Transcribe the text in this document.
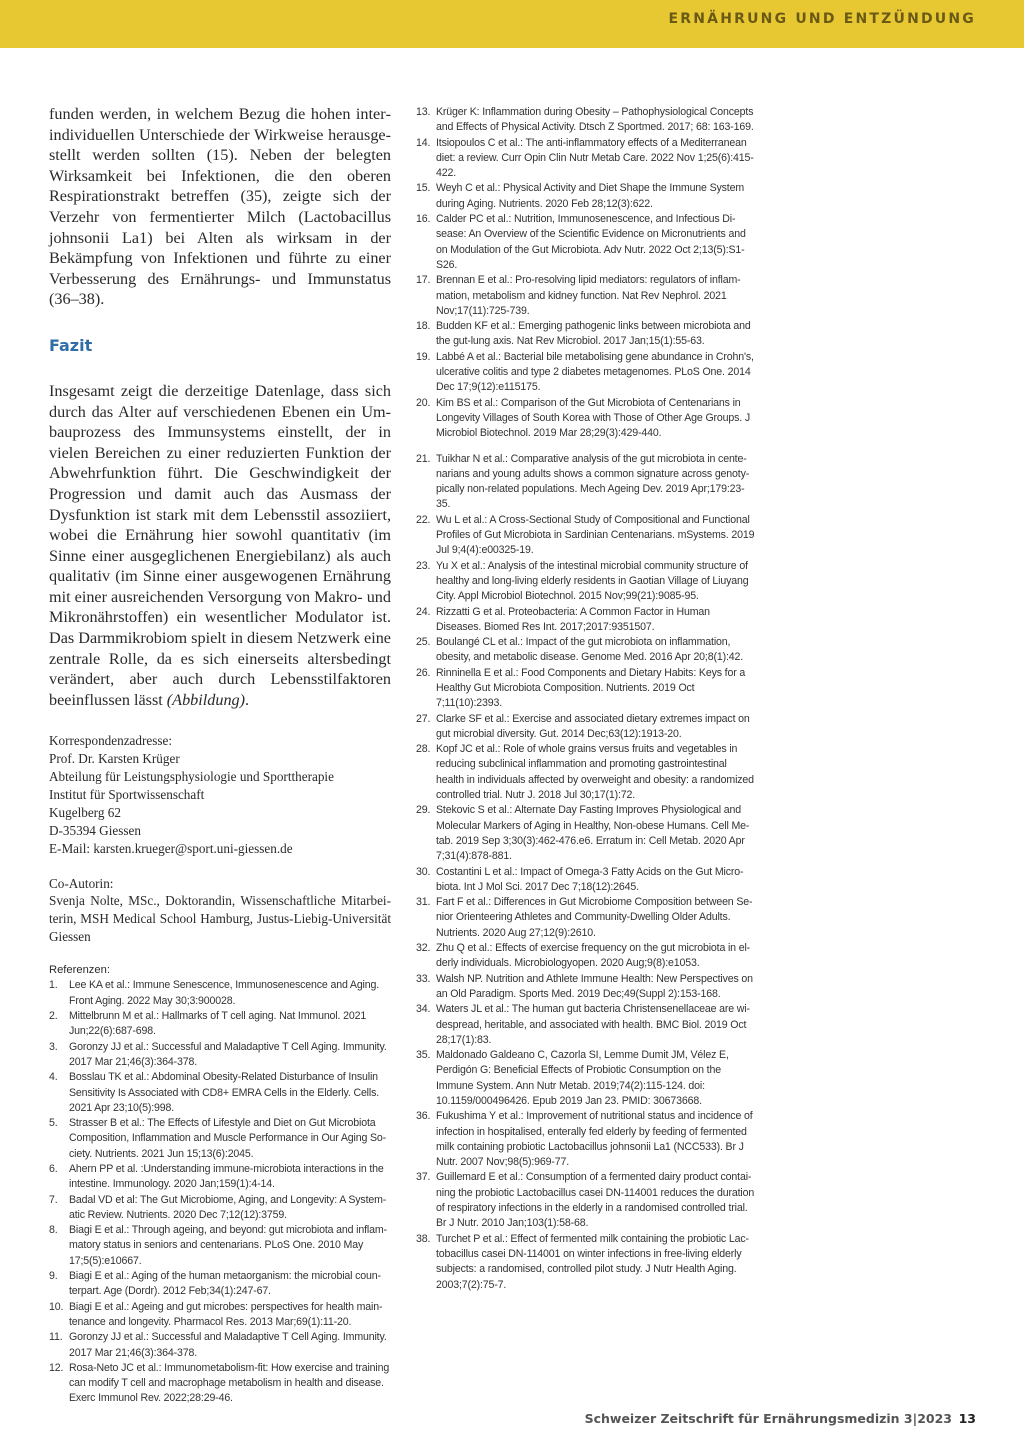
ERNÄHRUNG UND ENTZÜNDUNG

funden werden, in welchem Bezug die hohen interindividuellen Unterschiede der Wirkweise herausgestellt werden sollten (15). Neben der belegten Wirksamkeit bei Infektionen, die den oberen Respirationstrakt betreffen (35), zeigte sich der Verzehr von fermentierter Milch (Lactobacillus johnsonii La1) bei Alten als wirksam in der Bekämpfung von Infektionen und führte zu einer Verbesserung des Ernährungs- und Immunstatus (36–38).

Fazit

Insgesamt zeigt die derzeitige Datenlage, dass sich durch das Alter auf verschiedenen Ebenen ein Umbauprozess des Immunsystems einstellt, der in vielen Bereichen zu einer reduzierten Funktion der Abwehrfunktion führt. Die Geschwindigkeit der Progression und damit auch das Ausmass der Dysfunktion ist stark mit dem Lebensstil assoziiert, wobei die Ernährung hier sowohl quantitativ (im Sinne einer ausgeglichenen Energiebilanz) als auch qualitativ (im Sinne einer ausgewogenen Ernährung mit einer ausreichenden Versorgung von Makro- und Mikronährstoffen) ein wesentlicher Modulator ist. Das Darmmikrobiom spielt in diesem Netzwerk eine zentrale Rolle, da es sich einerseits altersbedingt verändert, aber auch durch Lebensstilfaktoren beeinflussen lässt (Abbildung).

Korrespondenzadresse:
Prof. Dr. Karsten Krüger
Abteilung für Leistungsphysiologie und Sporttherapie
Institut für Sportwissenschaft
Kugelberg 62
D-35394 Giessen
E-Mail: karsten.krueger@sport.uni-giessen.de
Co-Autorin:

Svenja Nolte, MSc., Doktorandin, Wissenschaftliche Mitarbeiterin, MSH Medical School Hamburg, Justus-Liebig-Universität Giessen

Referenzen:
1. Lee KA et al.: Immune Senescence, Immunosenescence and Aging. Front Aging. 2022 May 30;3:900028.
2. Mittelbrunn M et al.: Hallmarks of T cell aging. Nat Immunol. 2021 Jun;22(6):687-698.
3. Goronzy JJ et al.: Successful and Maladaptive T Cell Aging. Immunity. 2017 Mar 21;46(3):364-378.
4. Bosslau TK et al.: Abdominal Obesity-Related Disturbance of Insulin Sensitivity Is Associated with CD8+ EMRA Cells in the Elderly. Cells. 2021 Apr 23;10(5):998.
5. Strasser B et al.: The Effects of Lifestyle and Diet on Gut Microbiota Composition, Inflammation and Muscle Performance in Our Aging Society. Nutrients. 2021 Jun 15;13(6):2045.
6. Ahern PP et al. :Understanding immune-microbiota interactions in the intestine. Immunology. 2020 Jan;159(1):4-14.
7. Badal VD et al: The Gut Microbiome, Aging, and Longevity: A Systematic Review. Nutrients. 2020 Dec 7;12(12):3759.
8. Biagi E et al.: Through ageing, and beyond: gut microbiota and inflammatory status in seniors and centenarians. PLoS One. 2010 May 17;5(5):e10667.
9. Biagi E et al.: Aging of the human metaorganism: the microbial counterpart. Age (Dordr). 2012 Feb;34(1):247-67.
10. Biagi E et al.: Ageing and gut microbes: perspectives for health maintenance and longevity. Pharmacol Res. 2013 Mar;69(1):11-20.
11. Goronzy JJ et al.: Successful and Maladaptive T Cell Aging. Immunity. 2017 Mar 21;46(3):364-378.
12. Rosa-Neto JC et al.: Immunometabolism-fit: How exercise and training can modify T cell and macrophage metabolism in health and disease. Exerc Immunol Rev. 2022;28:29-46.
13. Krüger K: Inflammation during Obesity – Pathophysiological Concepts and Effects of Physical Activity. Dtsch Z Sportmed. 2017; 68: 163-169.
14. Itsiopoulos C et al.: The anti-inflammatory effects of a Mediterranean diet: a review. Curr Opin Clin Nutr Metab Care. 2022 Nov 1;25(6):415-422.
15. Weyh C et al.: Physical Activity and Diet Shape the Immune System during Aging. Nutrients. 2020 Feb 28;12(3):622.
16. Calder PC et al.: Nutrition, Immunosenescence, and Infectious Disease: An Overview of the Scientific Evidence on Micronutrients and on Modulation of the Gut Microbiota. Adv Nutr. 2022 Oct 2;13(5):S1-S26.
17. Brennan E et al.: Pro-resolving lipid mediators: regulators of inflammation, metabolism and kidney function. Nat Rev Nephrol. 2021 Nov;17(11):725-739.
18. Budden KF et al.: Emerging pathogenic links between microbiota and the gut-lung axis. Nat Rev Microbiol. 2017 Jan;15(1):55-63.
19. Labbé A et al.: Bacterial bile metabolising gene abundance in Crohn's, ulcerative colitis and type 2 diabetes metagenomes. PLoS One. 2014 Dec 17;9(12):e115175.
20. Kim BS et al.: Comparison of the Gut Microbiota of Centenarians in Longevity Villages of South Korea with Those of Other Age Groups. J Microbiol Biotechnol. 2019 Mar 28;29(3):429-440.
21. Tuikhar N et al.: Comparative analysis of the gut microbiota in centenarians and young adults shows a common signature across genotypically non-related populations. Mech Ageing Dev. 2019 Apr;179:23-35.
22. Wu L et al.: A Cross-Sectional Study of Compositional and Functional Profiles of Gut Microbiota in Sardinian Centenarians. mSystems. 2019 Jul 9;4(4):e00325-19.
23. Yu X et al.: Analysis of the intestinal microbial community structure of healthy and long-living elderly residents in Gaotian Village of Liuyang City. Appl Microbiol Biotechnol. 2015 Nov;99(21):9085-95.
24. Rizzatti G et al. Proteobacteria: A Common Factor in Human Diseases. Biomed Res Int. 2017;2017:9351507.
25. Boulangé CL et al.: Impact of the gut microbiota on inflammation, obesity, and metabolic disease. Genome Med. 2016 Apr 20;8(1):42.
26. Rinninella E et al.: Food Components and Dietary Habits: Keys for a Healthy Gut Microbiota Composition. Nutrients. 2019 Oct 7;11(10):2393.
27. Clarke SF et al.: Exercise and associated dietary extremes impact on gut microbial diversity. Gut. 2014 Dec;63(12):1913-20.
28. Kopf JC et al.: Role of whole grains versus fruits and vegetables in reducing subclinical inflammation and promoting gastrointestinal health in individuals affected by overweight and obesity: a randomized controlled trial. Nutr J. 2018 Jul 30;17(1):72.
29. Stekovic S et al.: Alternate Day Fasting Improves Physiological and Molecular Markers of Aging in Healthy, Non-obese Humans. Cell Metab. 2019 Sep 3;30(3):462-476.e6. Erratum in: Cell Metab. 2020 Apr 7;31(4):878-881.
30. Costantini L et al.: Impact of Omega-3 Fatty Acids on the Gut Microbiota. Int J Mol Sci. 2017 Dec 7;18(12):2645.
31. Fart F et al.: Differences in Gut Microbiome Composition between Senior Orienteering Athletes and Community-Dwelling Older Adults. Nutrients. 2020 Aug 27;12(9):2610.
32. Zhu Q et al.: Effects of exercise frequency on the gut microbiota in elderly individuals. Microbiologyopen. 2020 Aug;9(8):e1053.
33. Walsh NP. Nutrition and Athlete Immune Health: New Perspectives on an Old Paradigm. Sports Med. 2019 Dec;49(Suppl 2):153-168.
34. Waters JL et al.: The human gut bacteria Christensenellaceae are widespread, heritable, and associated with health. BMC Biol. 2019 Oct 28;17(1):83.
35. Maldonado Galdeano C, Cazorla SI, Lemme Dumit JM, Vélez E, Perdigón G: Beneficial Effects of Probiotic Consumption on the Immune System. Ann Nutr Metab. 2019;74(2):115-124. doi: 10.1159/000496426. Epub 2019 Jan 23. PMID: 30673668.
36. Fukushima Y et al.: Improvement of nutritional status and incidence of infection in hospitalised, enterally fed elderly by feeding of fermented milk containing probiotic Lactobacillus johnsonii La1 (NCC533). Br J Nutr. 2007 Nov;98(5):969-77.
37. Guillemard E et al.: Consumption of a fermented dairy product containing the probiotic Lactobacillus casei DN-114001 reduces the duration of respiratory infections in the elderly in a randomised controlled trial. Br J Nutr. 2010 Jan;103(1):58-68.
38. Turchet P et al.: Effect of fermented milk containing the probiotic Lactobacillus casei DN-114001 on winter infections in free-living elderly subjects: a randomised, controlled pilot study. J Nutr Health Aging. 2003;7(2):75-7.
Schweizer Zeitschrift für Ernährungsmedizin 3|2023 13
